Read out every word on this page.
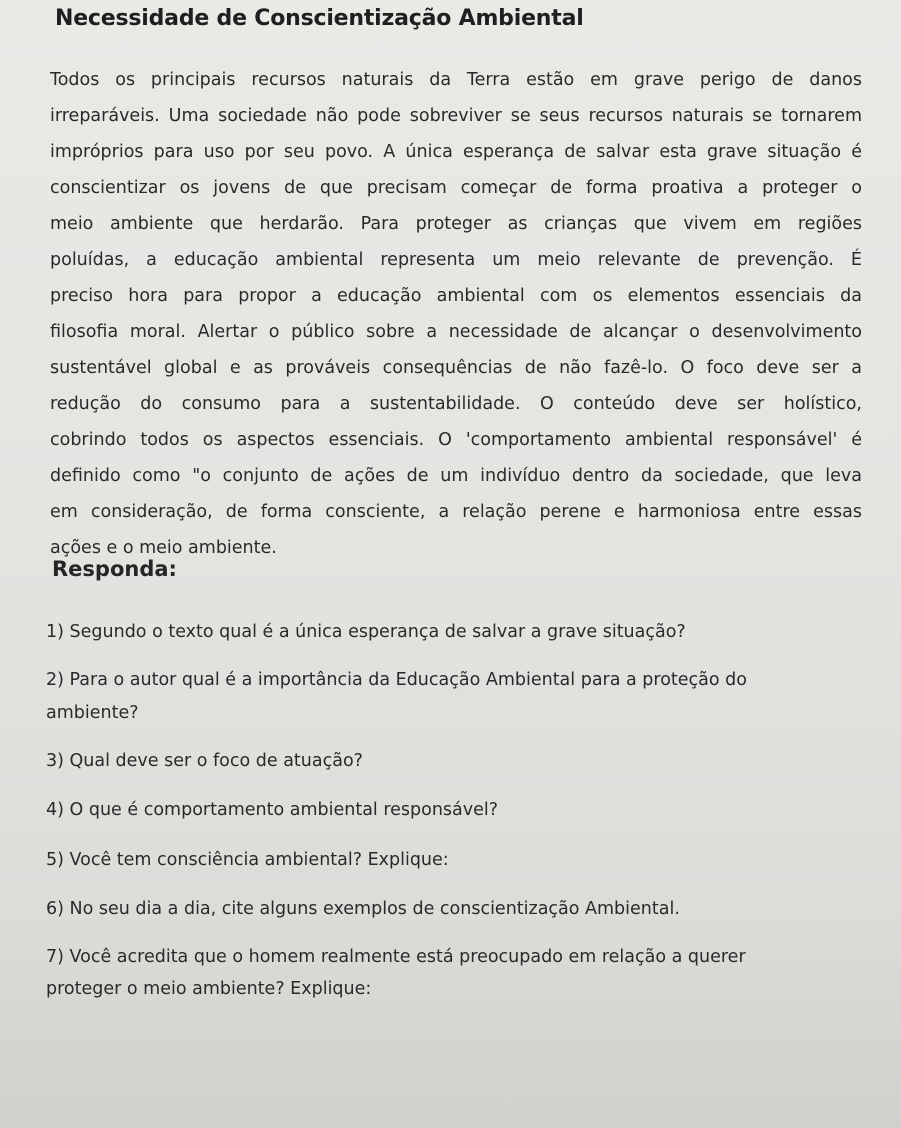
Necessidade de Conscientização Ambiental
Todos os principais recursos naturais da Terra estão em grave perigo de danos
irreparáveis. Uma sociedade não pode sobreviver se seus recursos naturais se tornarem
impróprios para uso por seu povo. A única esperança de salvar esta grave situação é
conscientizar os jovens de que precisam começar de forma proativa a proteger o
meio ambiente que herdarão. Para proteger as crianças que vivem em regiões
poluídas, a educação ambiental representa um meio relevante de prevenção. É
preciso hora para propor a educação ambiental com os elementos essenciais da
filosofia moral. Alertar o público sobre a necessidade de alcançar o desenvolvimento
sustentável global e as prováveis consequências de não fazê-lo. O foco deve ser a
redução do consumo para a sustentabilidade. O conteúdo deve ser holístico,
cobrindo todos os aspectos essenciais. O 'comportamento ambiental responsável' é
definido como "o conjunto de ações de um indivíduo dentro da sociedade, que leva
em consideração, de forma consciente, a relação perene e harmoniosa entre essas
ações e o meio ambiente.
Responda:
1) Segundo o texto qual é a única esperança de salvar a grave situação?
2) Para o autor qual é a importância da Educação Ambiental para a proteção do
ambiente?
3) Qual deve ser o foco de atuação?
4) O que é comportamento ambiental responsável?
5) Você tem consciência ambiental? Explique:
6) No seu dia a dia, cite alguns exemplos de conscientização Ambiental.
7) Você acredita que o homem realmente está preocupado em relação a querer
proteger o meio ambiente? Explique:
